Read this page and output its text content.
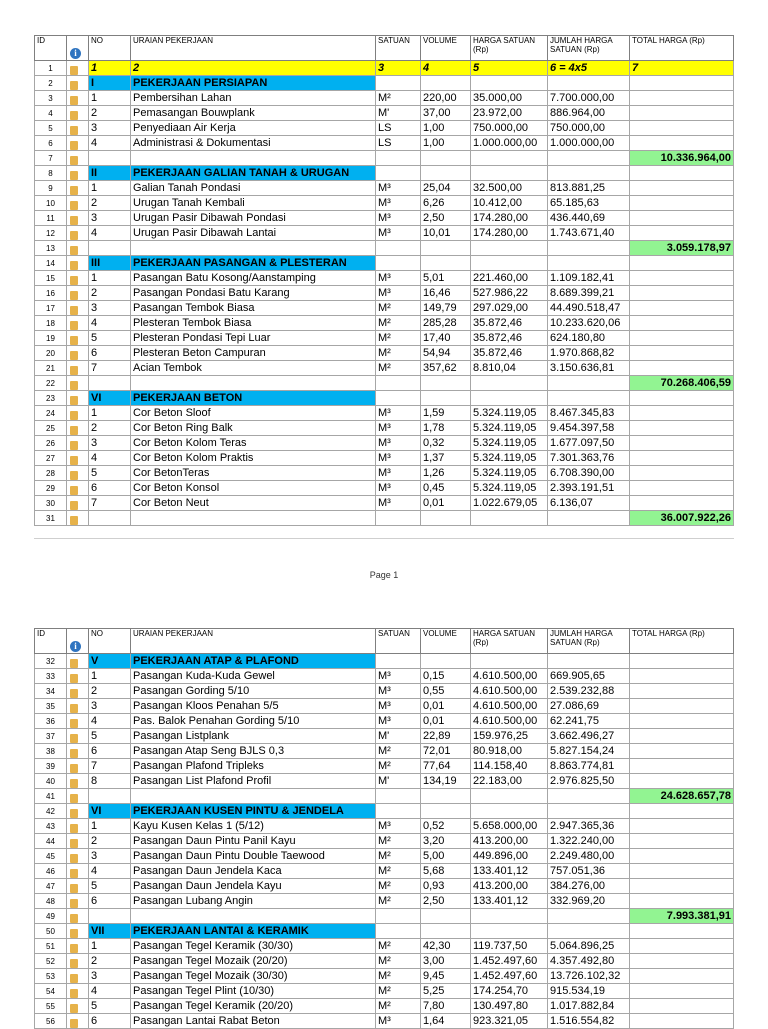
ID	i	NO	URAIAN PEKERJAAN	SATUAN	VOLUME	HARGA SATUAN (Rp)	JUMLAH HARGA SATUAN (Rp)	TOTAL HARGA (Rp)
1		1	2	3	4	5	6 = 4x5	7
2		I	PEKERJAAN PERSIAPAN					
3		1	Pembersihan Lahan	M²	220,00	35.000,00	7.700.000,00	
4		2	Pemasangan Bouwplank	M'	37,00	23.972,00	886.964,00	
5		3	Penyediaan Air Kerja	LS	1,00	750.000,00	750.000,00	
6		4	Administrasi & Dokumentasi	LS	1,00	1.000.000,00	1.000.000,00	
7								10.336.964,00
8		II	PEKERJAAN GALIAN TANAH & URUGAN					
9		1	Galian Tanah Pondasi	M³	25,04	32.500,00	813.881,25	
10		2	Urugan Tanah Kembali	M³	6,26	10.412,00	65.185,63	
11		3	Urugan Pasir Dibawah Pondasi	M³	2,50	174.280,00	436.440,69	
12		4	Urugan Pasir Dibawah Lantai	M³	10,01	174.280,00	1.743.671,40	
13								3.059.178,97
14		III	PEKERJAAN PASANGAN & PLESTERAN					
15		1	Pasangan Batu Kosong/Aanstamping	M³	5,01	221.460,00	1.109.182,41	
16		2	Pasangan Pondasi Batu Karang	M³	16,46	527.986,22	8.689.399,21	
17		3	Pasangan Tembok Biasa	M²	149,79	297.029,00	44.490.518,47	
18		4	Plesteran Tembok Biasa	M²	285,28	35.872,46	10.233.620,06	
19		5	Plesteran Pondasi Tepi Luar	M²	17,40	35.872,46	624.180,80	
20		6	Plesteran Beton Campuran	M²	54,94	35.872,46	1.970.868,82	
21		7	Acian Tembok	M²	357,62	8.810,04	3.150.636,81	
22								70.268.406,59
23		VI	PEKERJAAN BETON					
24		1	Cor Beton Sloof	M³	1,59	5.324.119,05	8.467.345,83	
25		2	Cor Beton Ring Balk	M³	1,78	5.324.119,05	9.454.397,58	
26		3	Cor Beton Kolom Teras	M³	0,32	5.324.119,05	1.677.097,50	
27		4	Cor Beton Kolom Praktis	M³	1,37	5.324.119,05	7.301.363,76	
28		5	Cor BetonTeras	M³	1,26	5.324.119,05	6.708.390,00	
29		6	Cor Beton Konsol	M³	0,45	5.324.119,05	2.393.191,51	
30		7	Cor Beton Neut	M³	0,01	1.022.679,05	6.136,07	
31								36.007.922,26
Page 1
ID	i	NO	URAIAN PEKERJAAN	SATUAN	VOLUME	HARGA SATUAN (Rp)	JUMLAH HARGA SATUAN (Rp)	TOTAL HARGA (Rp)
32		V	PEKERJAAN ATAP & PLAFOND					
33		1	Pasangan Kuda-Kuda Gewel	M³	0,15	4.610.500,00	669.905,65	
34		2	Pasangan Gording 5/10	M³	0,55	4.610.500,00	2.539.232,88	
35		3	Pasangan Kloos Penahan 5/5	M³	0,01	4.610.500,00	27.086,69	
36		4	Pas. Balok Penahan Gording 5/10	M³	0,01	4.610.500,00	62.241,75	
37		5	Pasangan Listplank	M'	22,89	159.976,25	3.662.496,27	
38		6	Pasangan Atap Seng BJLS 0,3	M²	72,01	80.918,00	5.827.154,24	
39		7	Pasangan Plafond Tripleks	M²	77,64	114.158,40	8.863.774,81	
40		8	Pasangan List Plafond Profil	M'	134,19	22.183,00	2.976.825,50	
41								24.628.657,78
42		VI	PEKERJAAN KUSEN PINTU & JENDELA					
43		1	Kayu Kusen Kelas 1 (5/12)	M³	0,52	5.658.000,00	2.947.365,36	
44		2	Pasangan Daun Pintu Panil Kayu	M²	3,20	413.200,00	1.322.240,00	
45		3	Pasangan Daun Pintu Double Taewood	M²	5,00	449.896,00	2.249.480,00	
46		4	Pasangan Daun Jendela Kaca	M²	5,68	133.401,12	757.051,36	
47		5	Pasangan Daun Jendela Kayu	M²	0,93	413.200,00	384.276,00	
48		6	Pasangan Lubang Angin	M²	2,50	133.401,12	332.969,20	
49								7.993.381,91
50		VII	PEKERJAAN LANTAI & KERAMIK					
51		1	Pasangan Tegel Keramik (30/30)	M²	42,30	119.737,50	5.064.896,25	
52		2	Pasangan Tegel Mozaik (20/20)	M²	3,00	1.452.497,60	4.357.492,80	
53		3	Pasangan Tegel Mozaik (30/30)	M²	9,45	1.452.497,60	13.726.102,32	
54		4	Pasangan Tegel Plint (10/30)	M²	5,25	174.254,70	915.534,19	
55		5	Pasangan Tegel Keramik (20/20)	M²	7,80	130.497,80	1.017.882,84	
56		6	Pasangan Lantai Rabat Beton	M³	1,64	923.321,05	1.516.554,82	
